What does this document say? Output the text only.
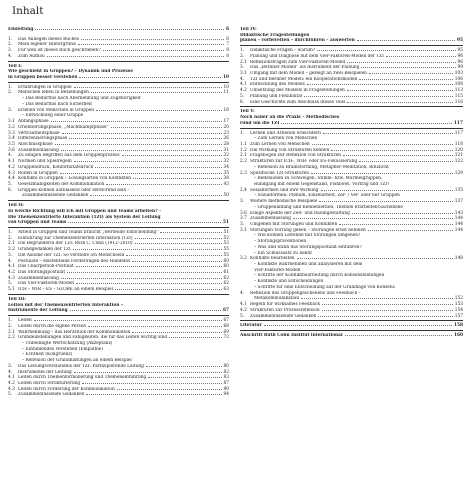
Inhalt
Einleitung	6
1.	Das Anliegen dieses Buches	6
2.	Mein eigener Hintergrund	7
3.	Für wen ist dieses Buch geschrieben?	8
4.	Zum Aufbau	8
Teil I:
Wie geschieht in Gruppen? – Dynamik und Prozesse
in Gruppen besser verstehen	10
1.	Erfahrungen in Gruppen	10
2.	Menschen leben in Beziehungen	11
– Das Bedürfnis nach Anerkennung und Zugehörigkeit
– Das Bedürfnis nach Sicherheit
3.	Erleben von Menschen in Gruppen	16
– Entwicklung einer Gruppe
3.1 Anfangsphase	17
3.2 Orientierungsphase, „Machtkampfphase“	20
3.3 Vertrautheitsphase	23
3.4 Differenzierungsphase	26
3.5 Abschlussphase	28
3.6 Zusammenfassung	31
4.	Zu einigen Begriffen aus dem Gruppenprozess	32
4.1 Normen und Spielregeln	32
4.2 Gruppendruck, Konformitätsdruck	34
4.3 Rollen in Gruppen	35
4.4 Konflikte in Gruppen – Lösungsarten von Konflikten	38
5.	Gesetzmäßigkeiten der Kommunikation	43
6.	Gruppen können aufblasend oder zerstörend sein –
Zusammenfassende Gedanken	50
Teil II:
In welche Richtung will ich mit Gruppen und Teams arbeiten? –
Die Themenzentrierte Interaktion (TZI) als System der Leitung
von Gruppen und Teams	51
1.	Arbeit in Gruppen und Teams braucht „werteude Entscheidung“	51
2.	Einführung zur Themenzentrierten Interaktion (TZI)	52
2.1 Die Begründerin der TZI: Ruth C. Cohn (1912–2010)	53
2.2 Grundgedanken der TZI	55
3.	Die Axiome der TZI: So verstehe ich Menschsein	55
4.	Postulate – existentielle Forderungen des Handelns	60
4.1 Das Chairperson-Postulat	60
4.2 Das Störungspostulat	61
4.3 Zusammenfassung	62
5.	Das Vier-Faktoren-Modell	62
5.1 ICH – WIR – ES – GLOBE an einem Beispiel	63
Teil III:
Leiten mit der Themenzentrierten Interaktion –
Instrumente der Leitung	67
1.	Leiten	67
2.	Leiten durch die eigene Person	68
2.1 Wahrnehmung – das Herzstück der Kommunikation	69
2.2 Grundeinstellungen und Fähigkeiten, die für das Leiten wichtig sind	72
– Unbedingte Wertschätzung (Akzeptanz)
– Einfühlendes Verstehen (Empathie)
– Echtheit (Kongruenz)
– Reflexion der Grundhaltungen an einem Beispiel
3.	Das Leitungsverständnis der TZI: Partizipierende Leitung	80
4.	Instrumente der Leitung	82
4.1 Leiten durch Themenformulierung und Themeneinführung	83
4.2 Leiten durch Strukturierung	87
4.3 Leiten durch Förderung der Kommunikation	90
5.	Zusammenfassende Gedanken	94
Teil IV:
Didaktische Fragestellungen
planen – vorbereiten – durchführen – auswerten	95
1.	Didaktische Fragen – warum?	95
2.	Planung und Diagnose mit dem Vier-Faktoren-Modell der TZI	96
2.1 Reflexionsfragen zum Vier-Faktoren-Modell	96
3.	Das „Berliner Modell“ als Instrument der Planung	99
3.1 Umgang mit dem Modell – gezeigt an zwei Beispielen	103
4.	TZI und Berliner Modell: ein Kooperationsmodell	106
4.1 Entwicklung des Modells	108
4.2 Umsetzung des Modells in Fragestellungen	113
5.	Planung und Flexibilität	115
6.	Eine Geschichte zum Abschluss dieses Teils	116
Teil V:
Noch näher an die Praxis – Methodisches
rund um die TZI	117
1.	Lernen und Arbeiten erleichtern	117
– Zum Lernen von Menschen
1.1 Zum Lernen von Menschen	118
1.2 Die Wirkung von Strukturen kennen	120
2.1 Fragebogen zur Reflexion von Strukturen	121
2.2 Strukturen zur ICH-, WIR- oder ES-Fokussierung	122
– Reflexion zu Brainstorming, Metapher-Meditation, Blitzlicht
2.3 Spezifische TZI-Strukturen	129
– Reflexionen zu Schweigen, Stimm- bzw. Murmelgruppen,
Rundgang mit einem Gegenstand, Fishbowl, Vortrag und TZI?
2.4 Sozialformen und ihre Wirkung	135
– Sozialformen: Plenum, Einzelarbeit, Zer- / Ver- oder 6er Gruppen
3.	Weitere methodische Beispiele	137
– Gruppenanfang und Kennenlernen, Themen erarbeiten/Sachebene
3.6 Einige Aspekte der Zeit- und Raumgestaltung	143
3.7 Zusammenfassung	144
3.	Umgehen mit Störungen und Konflikten	144
3.1 Störungen Vorrang geben – Störungen ernst nehmen	144
– Wie können Leitende mit Störungen umgehen?
– Störungspräventionen
– Was und wann das Störungspostulat einführen?
– Ein Schlusssatz zu nennt
3.2 Konflikte bearbeiten	148
– Konflikte wahrnehmen und analysieren mit dem
Vier-Faktoren-Modell
– Schritte der Konfliktbearbeitung durch Konsensbildungen
– Konflikte und Entscheidungen
– Schritte für eine Entscheidung auf der Grundlage von Konsens
4.	Reflexion des Gruppengeschehens und Feedback –
Metakommunikation	152
4.1 Regeln für wirksames Feedback	153
4.2 Strukturen zur Prozessreflexion	154
5.	Zusammenfassende Gedanken	157
Literatur	158
Anschrift Ruth Cohn Institut international	160
